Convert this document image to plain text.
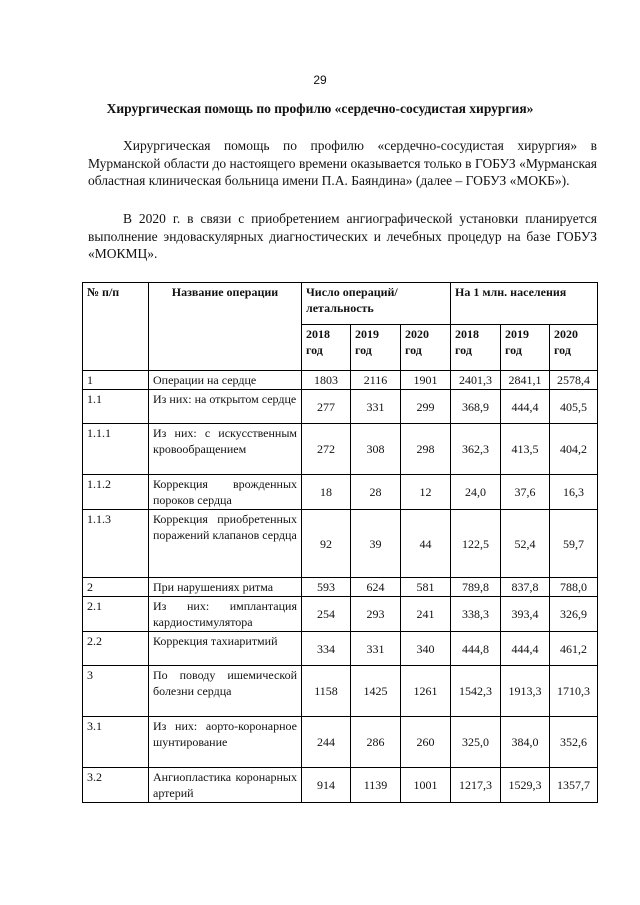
29
Хирургическая помощь по профилю «сердечно-сосудистая хирургия»

Хирургическая помощь по профилю «сердечно-сосудистая хирургия» в Мурманской области до настоящего времени оказывается только в ГОБУЗ «Мурманская областная клиническая больница имени П.А. Баяндина» (далее – ГОБУЗ «МОКБ»).

В 2020 г. в связи с приобретением ангиографической установки планируется выполнение эндоваскулярных диагностических и лечебных процедур на базе ГОБУЗ «МОКМЦ».

№ п/п	Название операции	Число операций/летальность			На 1 млн. населения		
		2018 год	2019 год	2020 год	2018 год	2019 год	2020 год
1	Операции на сердце	1803	2116	1901	2401,3	2841,1	2578,4
1.1	Из них: на открытом сердце	277	331	299	368,9	444,4	405,5
1.1.1	Из них: с искусственным кровообращением	272	308	298	362,3	413,5	404,2
1.1.2	Коррекция врожденных пороков сердца	18	28	12	24,0	37,6	16,3
1.1.3	Коррекция приобретенных поражений клапанов сердца	92	39	44	122,5	52,4	59,7
2	При нарушениях ритма	593	624	581	789,8	837,8	788,0
2.1	Из них: имплантация кардиостимулятора	254	293	241	338,3	393,4	326,9
2.2	Коррекция тахиаритмий	334	331	340	444,8	444,4	461,2
3	По поводу ишемической болезни сердца	1158	1425	1261	1542,3	1913,3	1710,3
3.1	Из них: аорто-коронарное шунтирование	244	286	260	325,0	384,0	352,6
3.2	Ангиопластика коронарных артерий	914	1139	1001	1217,3	1529,3	1357,7
